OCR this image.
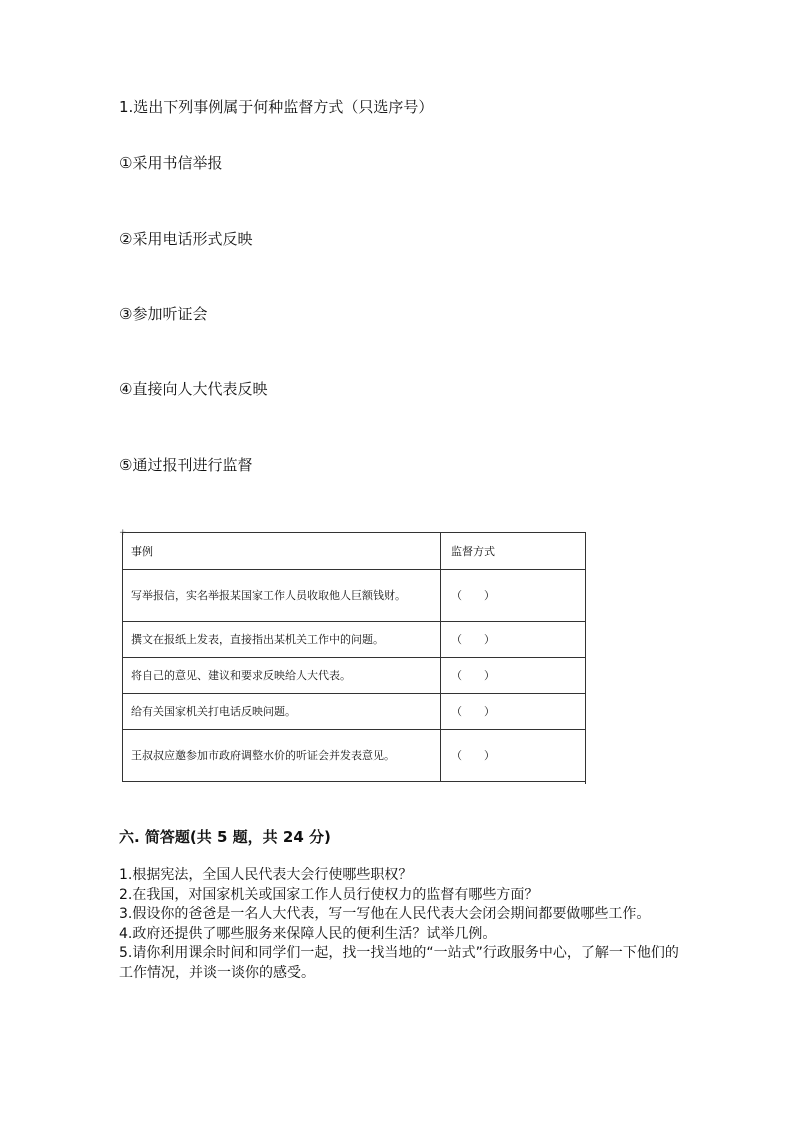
1.选出下列事例属于何种监督方式（只选序号）
①采用书信举报
②采用电话形式反映
③参加听证会
④直接向人大代表反映
⑤通过报刊进行监督
+
事例	监督方式
写举报信，实名举报某国家工作人员收取他人巨额钱财。	（　　）
撰文在报纸上发表，直接指出某机关工作中的问题。	（　　）
将自己的意见、建议和要求反映给人大代表。	（　　）
给有关国家机关打电话反映问题。	（　　）
王叔叔应邀参加市政府调整水价的听证会并发表意见。	（　　）
六. 简答题(共 5 题，共 24 分)
1.根据宪法，全国人民代表大会行使哪些职权？
2.在我国，对国家机关或国家工作人员行使权力的监督有哪些方面？
3.假设你的爸爸是一名人大代表，写一写他在人民代表大会闭会期间都要做哪些工作。
4.政府还提供了哪些服务来保障人民的便利生活？试举几例。
5.请你利用课余时间和同学们一起，找一找当地的“一站式”行政服务中心，了解一下他们的工作情况，并谈一谈你的感受。
